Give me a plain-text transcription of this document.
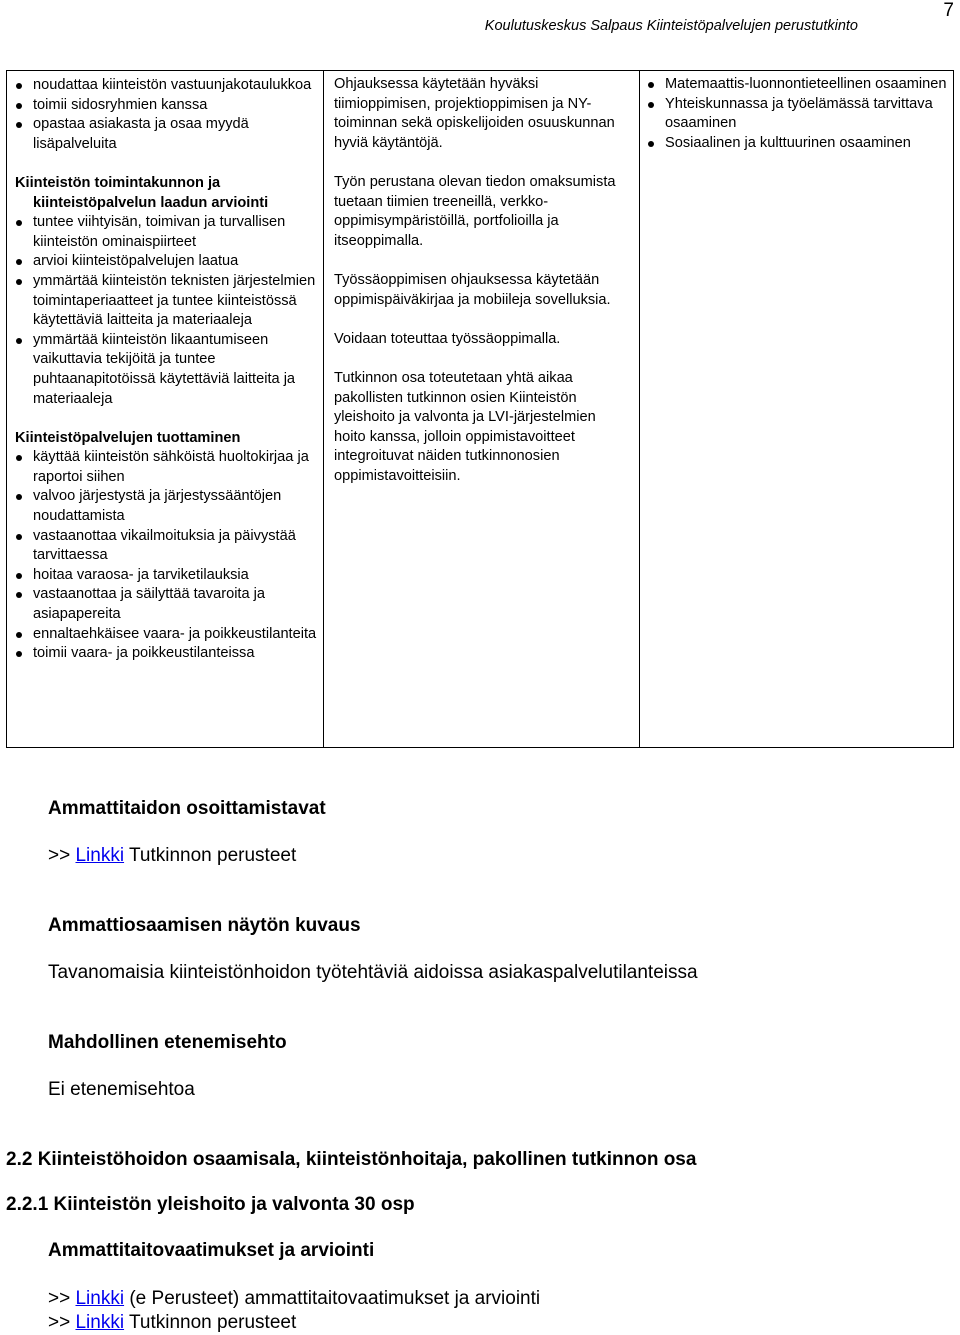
7
Koulutuskeskus Salpaus Kiinteistöpalvelujen perustutkinto
noudattaa kiinteistön vastuunjakotaulukkoa
toimii sidosryhmien kanssa
opastaa asiakasta ja osaa myydä lisäpalveluita
Kiinteistön toimintakunnon ja
kiinteistöpalvelun laadun arviointi
tuntee viihtyisän, toimivan ja turvallisen kiinteistön ominaispiirteet
arvioi kiinteistöpalvelujen laatua
ymmärtää kiinteistön teknisten järjestelmien toimintaperiaatteet ja tuntee kiinteistössä käytettäviä laitteita ja materiaaleja
ymmärtää kiinteistön likaantumiseen vaikuttavia tekijöitä ja tuntee puhtaanapitotöissä käytettäviä laitteita ja materiaaleja
Kiinteistöpalvelujen tuottaminen
käyttää kiinteistön sähköistä huoltokirjaa ja raportoi siihen
valvoo järjestystä ja järjestyssääntöjen noudattamista
vastaanottaa vikailmoituksia ja päivystää tarvittaessa
hoitaa varaosa- ja tarviketilauksia
vastaanottaa ja säilyttää tavaroita ja asiapapereita
ennaltaehkäisee vaara- ja poikkeustilanteita
toimii vaara- ja poikkeustilanteissa

Ohjauksessa käytetään hyväksi tiimioppimisen, projektioppimisen ja NY-toiminnan sekä opiskelijoiden osuuskunnan hyviä käytäntöjä.

Työn perustana olevan tiedon omaksumista tuetaan tiimien treeneillä, verkko-oppimisympäristöillä, portfolioilla ja itseoppimalla.

Työssäoppimisen ohjauksessa käytetään oppimispäiväkirjaa ja mobiileja sovelluksia.

Voidaan toteuttaa työssäoppimalla.

Tutkinnon osa toteutetaan yhtä aikaa pakollisten tutkinnon osien Kiinteistön yleishoito ja valvonta ja LVI-järjestelmien hoito kanssa, jolloin oppimistavoitteet integroituvat näiden tutkinnonosien oppimistavoitteisiin.

Matemaattis-luonnontieteellinen osaaminen
Yhteiskunnassa ja työelämässä tarvittava osaaminen
Sosiaalinen ja kulttuurinen osaaminen
Ammattitaidon osoittamistavat
>> Linkki Tutkinnon perusteet
Ammattiosaamisen näytön kuvaus
Tavanomaisia kiinteistönhoidon työtehtäviä aidoissa asiakaspalvelutilanteissa
Mahdollinen etenemisehto
Ei etenemisehtoa
2.2 Kiinteistöhoidon osaamisala, kiinteistönhoitaja, pakollinen tutkinnon osa
2.2.1 Kiinteistön yleishoito ja valvonta 30 osp
Ammattitaitovaatimukset ja arviointi
>> Linkki (e Perusteet) ammattitaitovaatimukset ja arviointi
>> Linkki Tutkinnon perusteet
